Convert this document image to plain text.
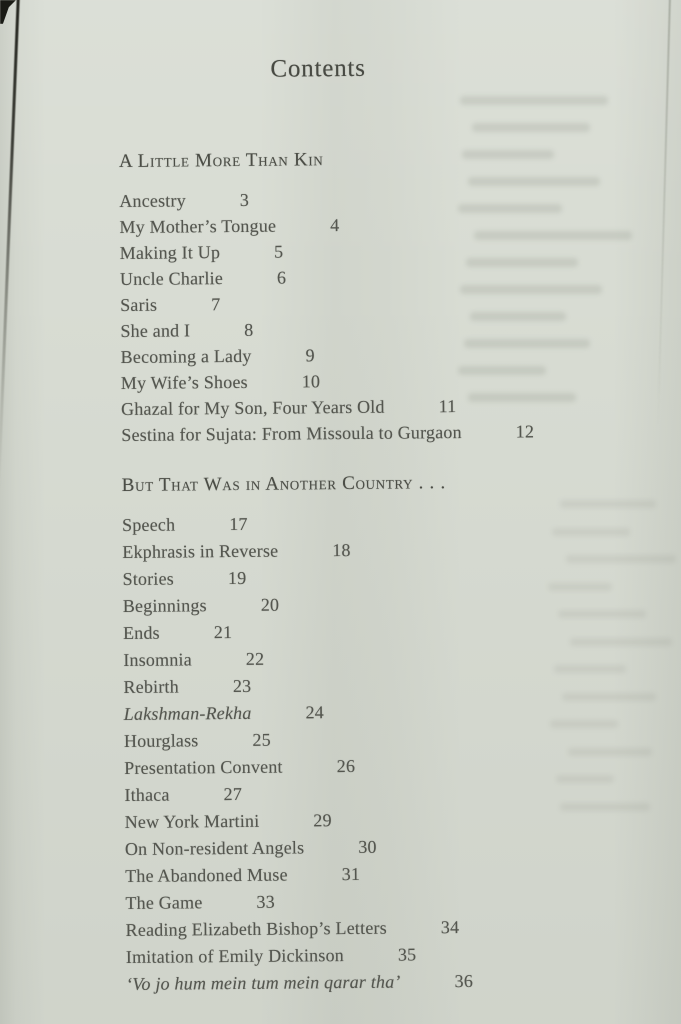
Contents
A Little More Than Kin
Ancestry	3
My Mother’s Tongue	4
Making It Up	5
Uncle Charlie	6
Saris	7
She and I	8
Becoming a Lady	9
My Wife’s Shoes	10
Ghazal for My Son, Four Years Old	11
Sestina for Sujata: From Missoula to Gurgaon	12
But That Was in Another Country . . .
Speech	17
Ekphrasis in Reverse	18
Stories	19
Beginnings	20
Ends	21
Insomnia	22
Rebirth	23
Lakshman-Rekha	24
Hourglass	25
Presentation Convent	26
Ithaca	27
New York Martini	29
On Non-resident Angels	30
The Abandoned Muse	31
The Game	33
Reading Elizabeth Bishop’s Letters	34
Imitation of Emily Dickinson	35
‘Vo jo hum mein tum mein qarar tha’	36
